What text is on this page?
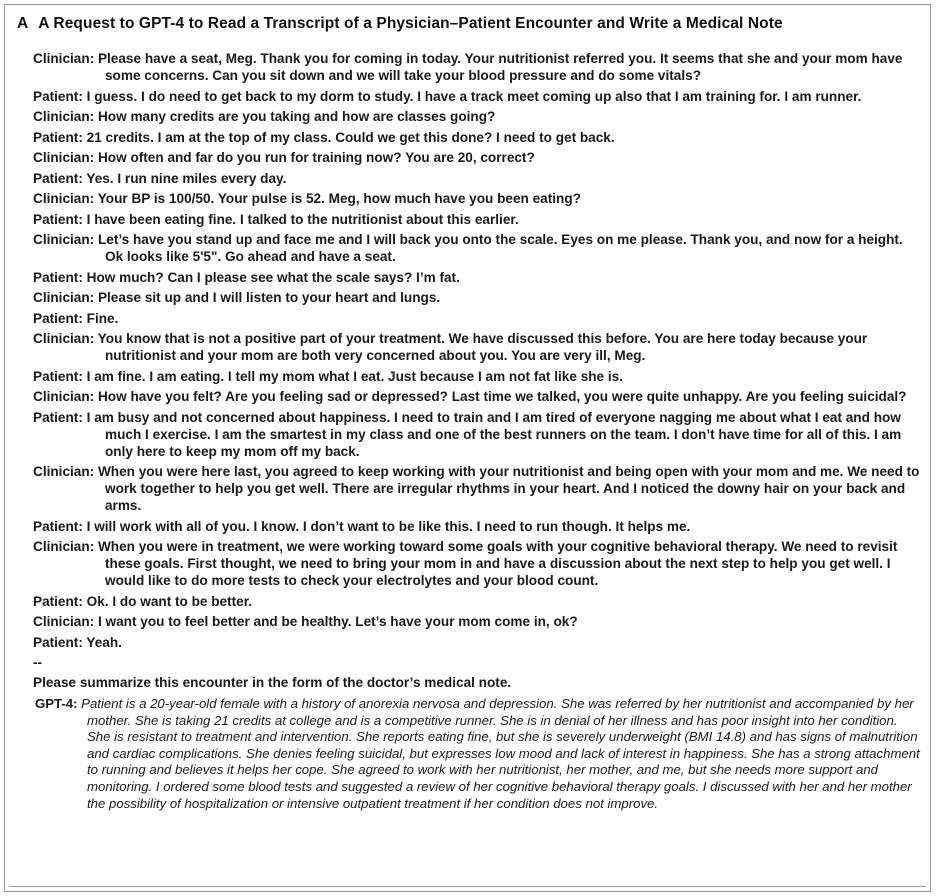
A A Request to GPT-4 to Read a Transcript of a Physician–Patient Encounter and Write a Medical Note
Clinician: Please have a seat, Meg. Thank you for coming in today. Your nutritionist referred you. It seems that she and your mom have some concerns. Can you sit down and we will take your blood pressure and do some vitals?
Patient: I guess. I do need to get back to my dorm to study. I have a track meet coming up also that I am training for. I am runner.
Clinician: How many credits are you taking and how are classes going?
Patient: 21 credits. I am at the top of my class. Could we get this done? I need to get back.
Clinician: How often and far do you run for training now? You are 20, correct?
Patient: Yes. I run nine miles every day.
Clinician: Your BP is 100/50. Your pulse is 52. Meg, how much have you been eating?
Patient: I have been eating fine. I talked to the nutritionist about this earlier.
Clinician: Let’s have you stand up and face me and I will back you onto the scale. Eyes on me please. Thank you, and now for a height. Ok looks like 5'5". Go ahead and have a seat.
Patient: How much? Can I please see what the scale says? I’m fat.
Clinician: Please sit up and I will listen to your heart and lungs.
Patient: Fine.
Clinician: You know that is not a positive part of your treatment. We have discussed this before. You are here today because your nutritionist and your mom are both very concerned about you. You are very ill, Meg.
Patient: I am fine. I am eating. I tell my mom what I eat. Just because I am not fat like she is.
Clinician: How have you felt? Are you feeling sad or depressed? Last time we talked, you were quite unhappy. Are you feeling suicidal?
Patient: I am busy and not concerned about happiness. I need to train and I am tired of everyone nagging me about what I eat and how much I exercise. I am the smartest in my class and one of the best runners on the team. I don’t have time for all of this. I am only here to keep my mom off my back.
Clinician: When you were here last, you agreed to keep working with your nutritionist and being open with your mom and me. We need to work together to help you get well. There are irregular rhythms in your heart. And I noticed the downy hair on your back and arms.
Patient: I will work with all of you. I know. I don’t want to be like this. I need to run though. It helps me.
Clinician: When you were in treatment, we were working toward some goals with your cognitive behavioral therapy. We need to revisit these goals. First thought, we need to bring your mom in and have a discussion about the next step to help you get well. I would like to do more tests to check your electrolytes and your blood count.
Patient: Ok. I do want to be better.
Clinician: I want you to feel better and be healthy. Let’s have your mom come in, ok?
Patient: Yeah.
--
Please summarize this encounter in the form of the doctor’s medical note.
GPT-4: Patient is a 20-year-old female with a history of anorexia nervosa and depression. She was referred by her nutritionist and accompanied by her mother. She is taking 21 credits at college and is a competitive runner. She is in denial of her illness and has poor insight into her condition. She is resistant to treatment and intervention. She reports eating fine, but she is severely underweight (BMI 14.8) and has signs of malnutrition and cardiac complications. She denies feeling suicidal, but expresses low mood and lack of interest in happiness. She has a strong attachment to running and believes it helps her cope. She agreed to work with her nutritionist, her mother, and me, but she needs more support and monitoring. I ordered some blood tests and suggested a review of her cognitive behavioral therapy goals. I discussed with her and her mother the possibility of hospitalization or intensive outpatient treatment if her condition does not improve.
